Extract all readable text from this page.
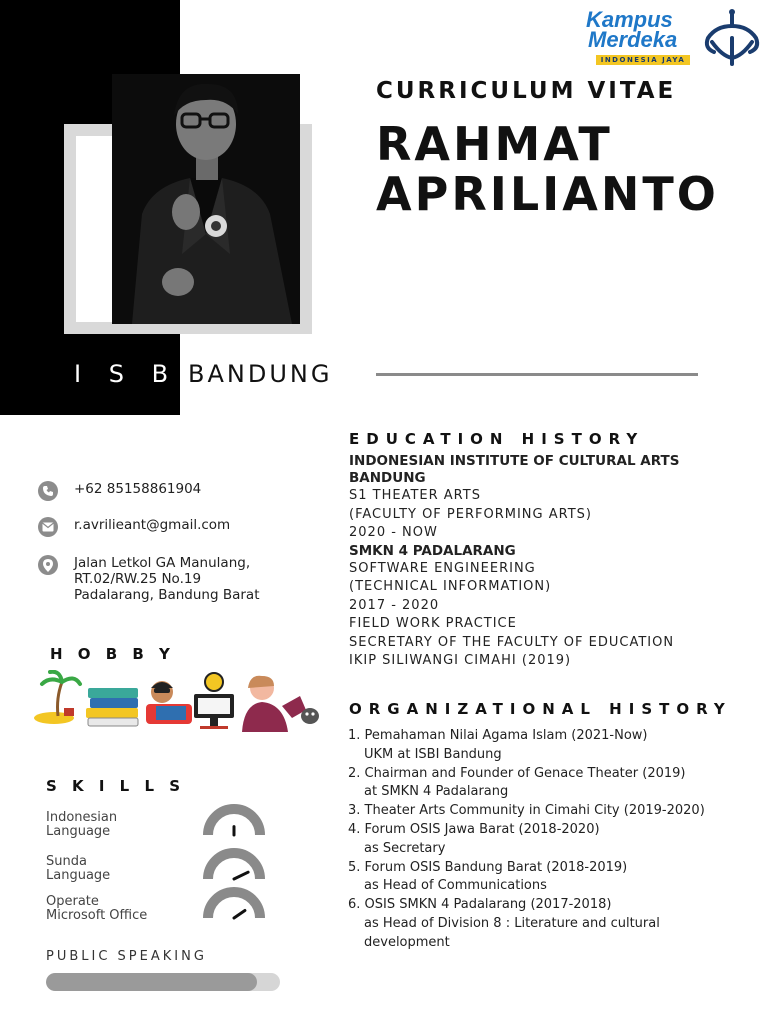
Kampus
Merdeka
INDONESIA JAYA
CURRICULUM VITAE
RAHMAT
APRILIANTO
I S B I
BANDUNG
+62 85158861904
r.avrilieant@gmail.com
Jalan Letkol GA Manulang,
RT.02/RW.25 No.19
Padalarang, Bandung Barat
H O B B Y
S K I L L S
Indonesian
Language
Sunda
Language
Operate
Microsoft Office
PUBLIC SPEAKING
EDUCATION HISTORY
INDONESIAN INSTITUTE OF CULTURAL ARTS
BANDUNG
S1 THEATER ARTS
(FACULTY OF PERFORMING ARTS)
2020 - NOW
SMKN 4 PADALARANG
SOFTWARE ENGINEERING
(TECHNICAL INFORMATION)
2017 - 2020
FIELD WORK PRACTICE
SECRETARY OF THE FACULTY OF EDUCATION
IKIP SILIWANGI CIMAHI (2019)
ORGANIZATIONAL HISTORY
1. Pemahaman Nilai Agama Islam (2021-Now)
UKM at ISBI Bandung
2. Chairman and Founder of Genace Theater (2019)
at SMKN 4 Padalarang
3. Theater Arts Community in Cimahi City (2019-2020)
4. Forum OSIS Jawa Barat (2018-2020)
as Secretary
5. Forum OSIS Bandung Barat (2018-2019)
as Head of Communications
6. OSIS SMKN 4 Padalarang (2017-2018)
as Head of Division 8 : Literature and cultural
development
